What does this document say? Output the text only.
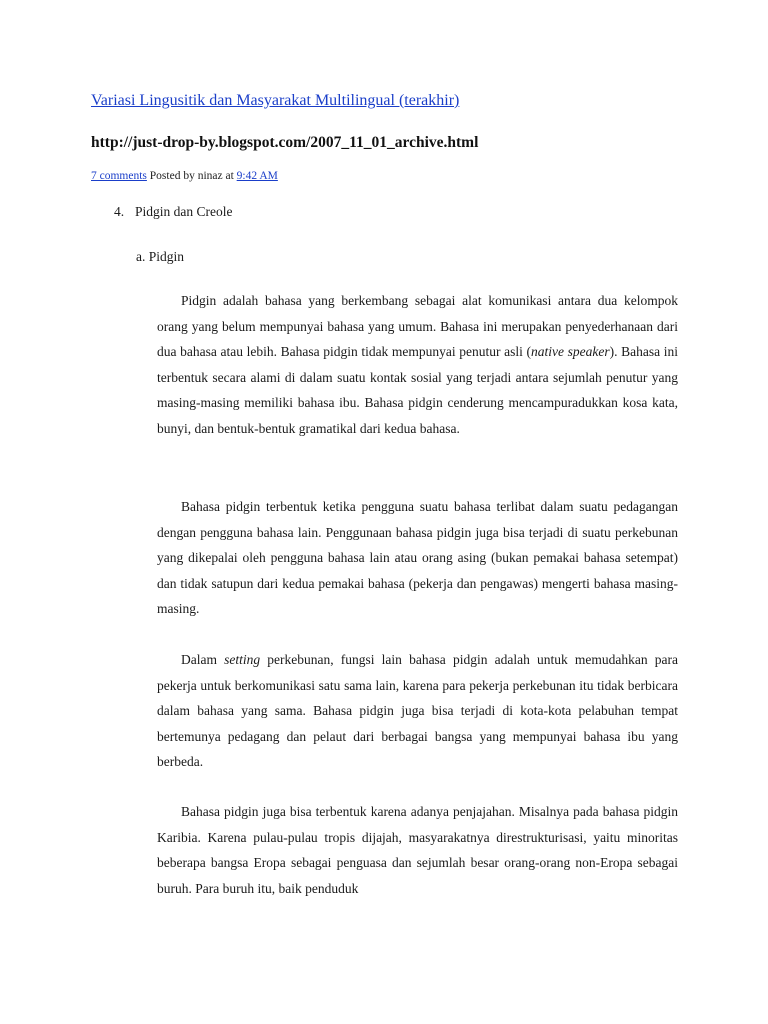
Variasi Lingusitik dan Masyarakat Multilingual (terakhir)
http://just-drop-by.blogspot.com/2007_11_01_archive.html
7 comments Posted by ninaz at 9:42 AM
4. Pidgin dan Creole
a. Pidgin

Pidgin adalah bahasa yang berkembang sebagai alat komunikasi antara dua kelompok orang yang belum mempunyai bahasa yang umum. Bahasa ini merupakan penyederhanaan dari dua bahasa atau lebih. Bahasa pidgin tidak mempunyai penutur asli (native speaker). Bahasa ini terbentuk secara alami di dalam suatu kontak sosial yang terjadi antara sejumlah penutur yang masing-masing memiliki bahasa ibu. Bahasa pidgin cenderung mencampuradukkan kosa kata, bunyi, dan bentuk-bentuk gramatikal dari kedua bahasa.

Bahasa pidgin terbentuk ketika pengguna suatu bahasa terlibat dalam suatu pedagangan dengan pengguna bahasa lain. Penggunaan bahasa pidgin juga bisa terjadi di suatu perkebunan yang dikepalai oleh pengguna bahasa lain atau orang asing (bukan pemakai bahasa setempat) dan tidak satupun dari kedua pemakai bahasa (pekerja dan pengawas) mengerti bahasa masing-masing.

Dalam setting perkebunan, fungsi lain bahasa pidgin adalah untuk memudahkan para pekerja untuk berkomunikasi satu sama lain, karena para pekerja perkebunan itu tidak berbicara dalam bahasa yang sama. Bahasa pidgin juga bisa terjadi di kota-kota pelabuhan tempat bertemunya pedagang dan pelaut dari berbagai bangsa yang mempunyai bahasa ibu yang berbeda.

Bahasa pidgin juga bisa terbentuk karena adanya penjajahan. Misalnya pada bahasa pidgin Karibia. Karena pulau-pulau tropis dijajah, masyarakatnya direstrukturisasi, yaitu minoritas beberapa bangsa Eropa sebagai penguasa dan sejumlah besar orang-orang non-Eropa sebagai buruh. Para buruh itu, baik penduduk
